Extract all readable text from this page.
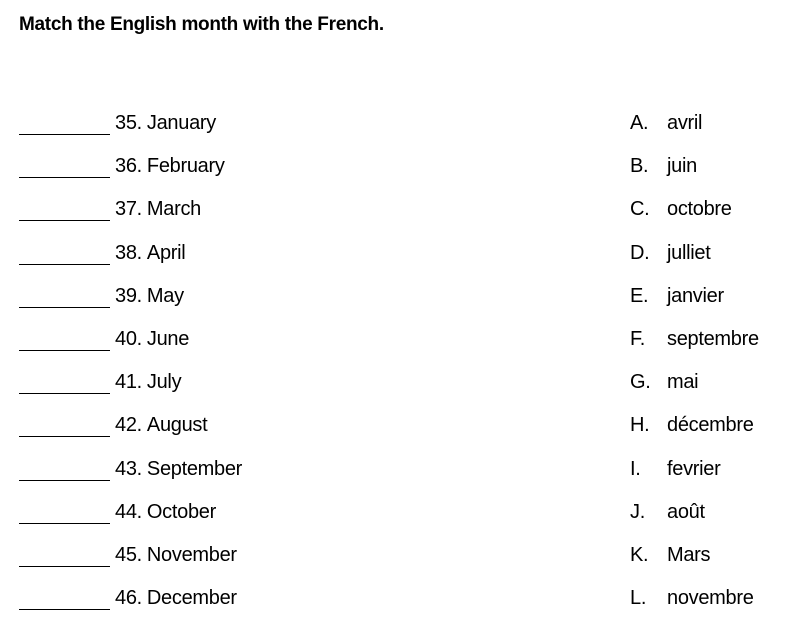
Match the English month with the French.
35. January
36. February
37. March
38. April
39. May
40. June
41. July
42. August
43. September
44. October
45. November
46. December
A. avril
B. juin
C. octobre
D. julliet
E. janvier
F.	septembre
G. mai
H. décembre
I.	fevrier
J.	août
K. Mars
L.	novembre
